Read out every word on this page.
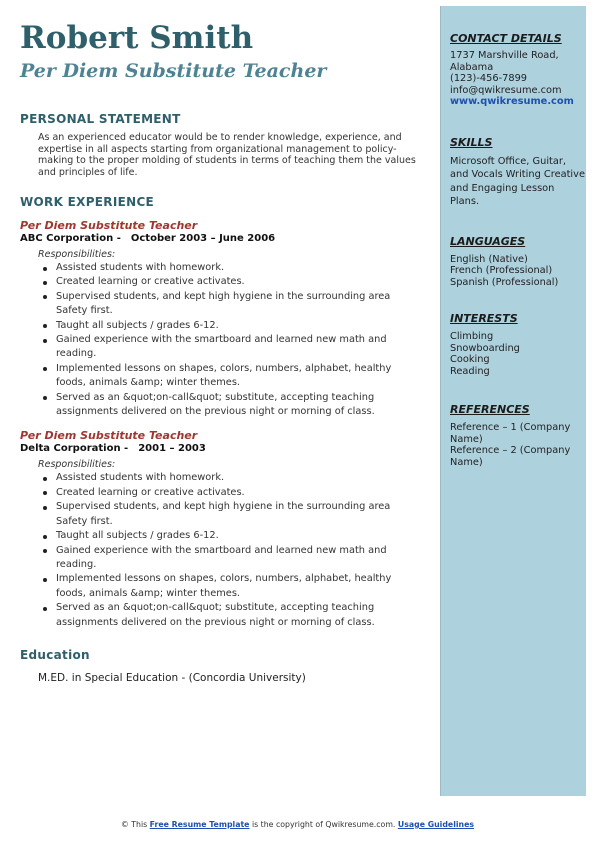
Robert Smith
Per Diem Substitute Teacher
PERSONAL STATEMENT

As an experienced educator would be to render knowledge, experience, and expertise in all aspects starting from organizational management to policy-making to the proper molding of students in terms of teaching them the values and principles of life.

WORK EXPERIENCE
Per Diem Substitute Teacher
ABC Corporation - October 2003 – June 2006
Responsibilities:
Assisted students with homework.
Created learning or creative activates.
Supervised students, and kept high hygiene in the surrounding area Safety first.
Taught all subjects / grades 6-12.
Gained experience with the smartboard and learned new math and reading.
Implemented lessons on shapes, colors, numbers, alphabet, healthy foods, animals &amp; winter themes.
Served as an &quot;on-call&quot; substitute, accepting teaching assignments delivered on the previous night or morning of class.
Per Diem Substitute Teacher
Delta Corporation - 2001 – 2003
Responsibilities:
Assisted students with homework.
Created learning or creative activates.
Supervised students, and kept high hygiene in the surrounding area Safety first.
Taught all subjects / grades 6-12.
Gained experience with the smartboard and learned new math and reading.
Implemented lessons on shapes, colors, numbers, alphabet, healthy foods, animals &amp; winter themes.
Served as an &quot;on-call&quot; substitute, accepting teaching assignments delivered on the previous night or morning of class.
Education
M.ED. in Special Education - (Concordia University)
CONTACT DETAILS

1737 Marshville Road,

Alabama

(123)-456-7899

info@qwikresume.com

www.qwikresume.com

SKILLS

Microsoft Office, Guitar, and Vocals Writing Creative and Engaging Lesson Plans.

LANGUAGES

English (Native)

French (Professional)

Spanish (Professional)

INTERESTS

Climbing

Snowboarding

Cooking

Reading

REFERENCES

Reference – 1 (Company Name)

Reference – 2 (Company Name)

© This Free Resume Template is the copyright of Qwikresume.com. Usage Guidelines
